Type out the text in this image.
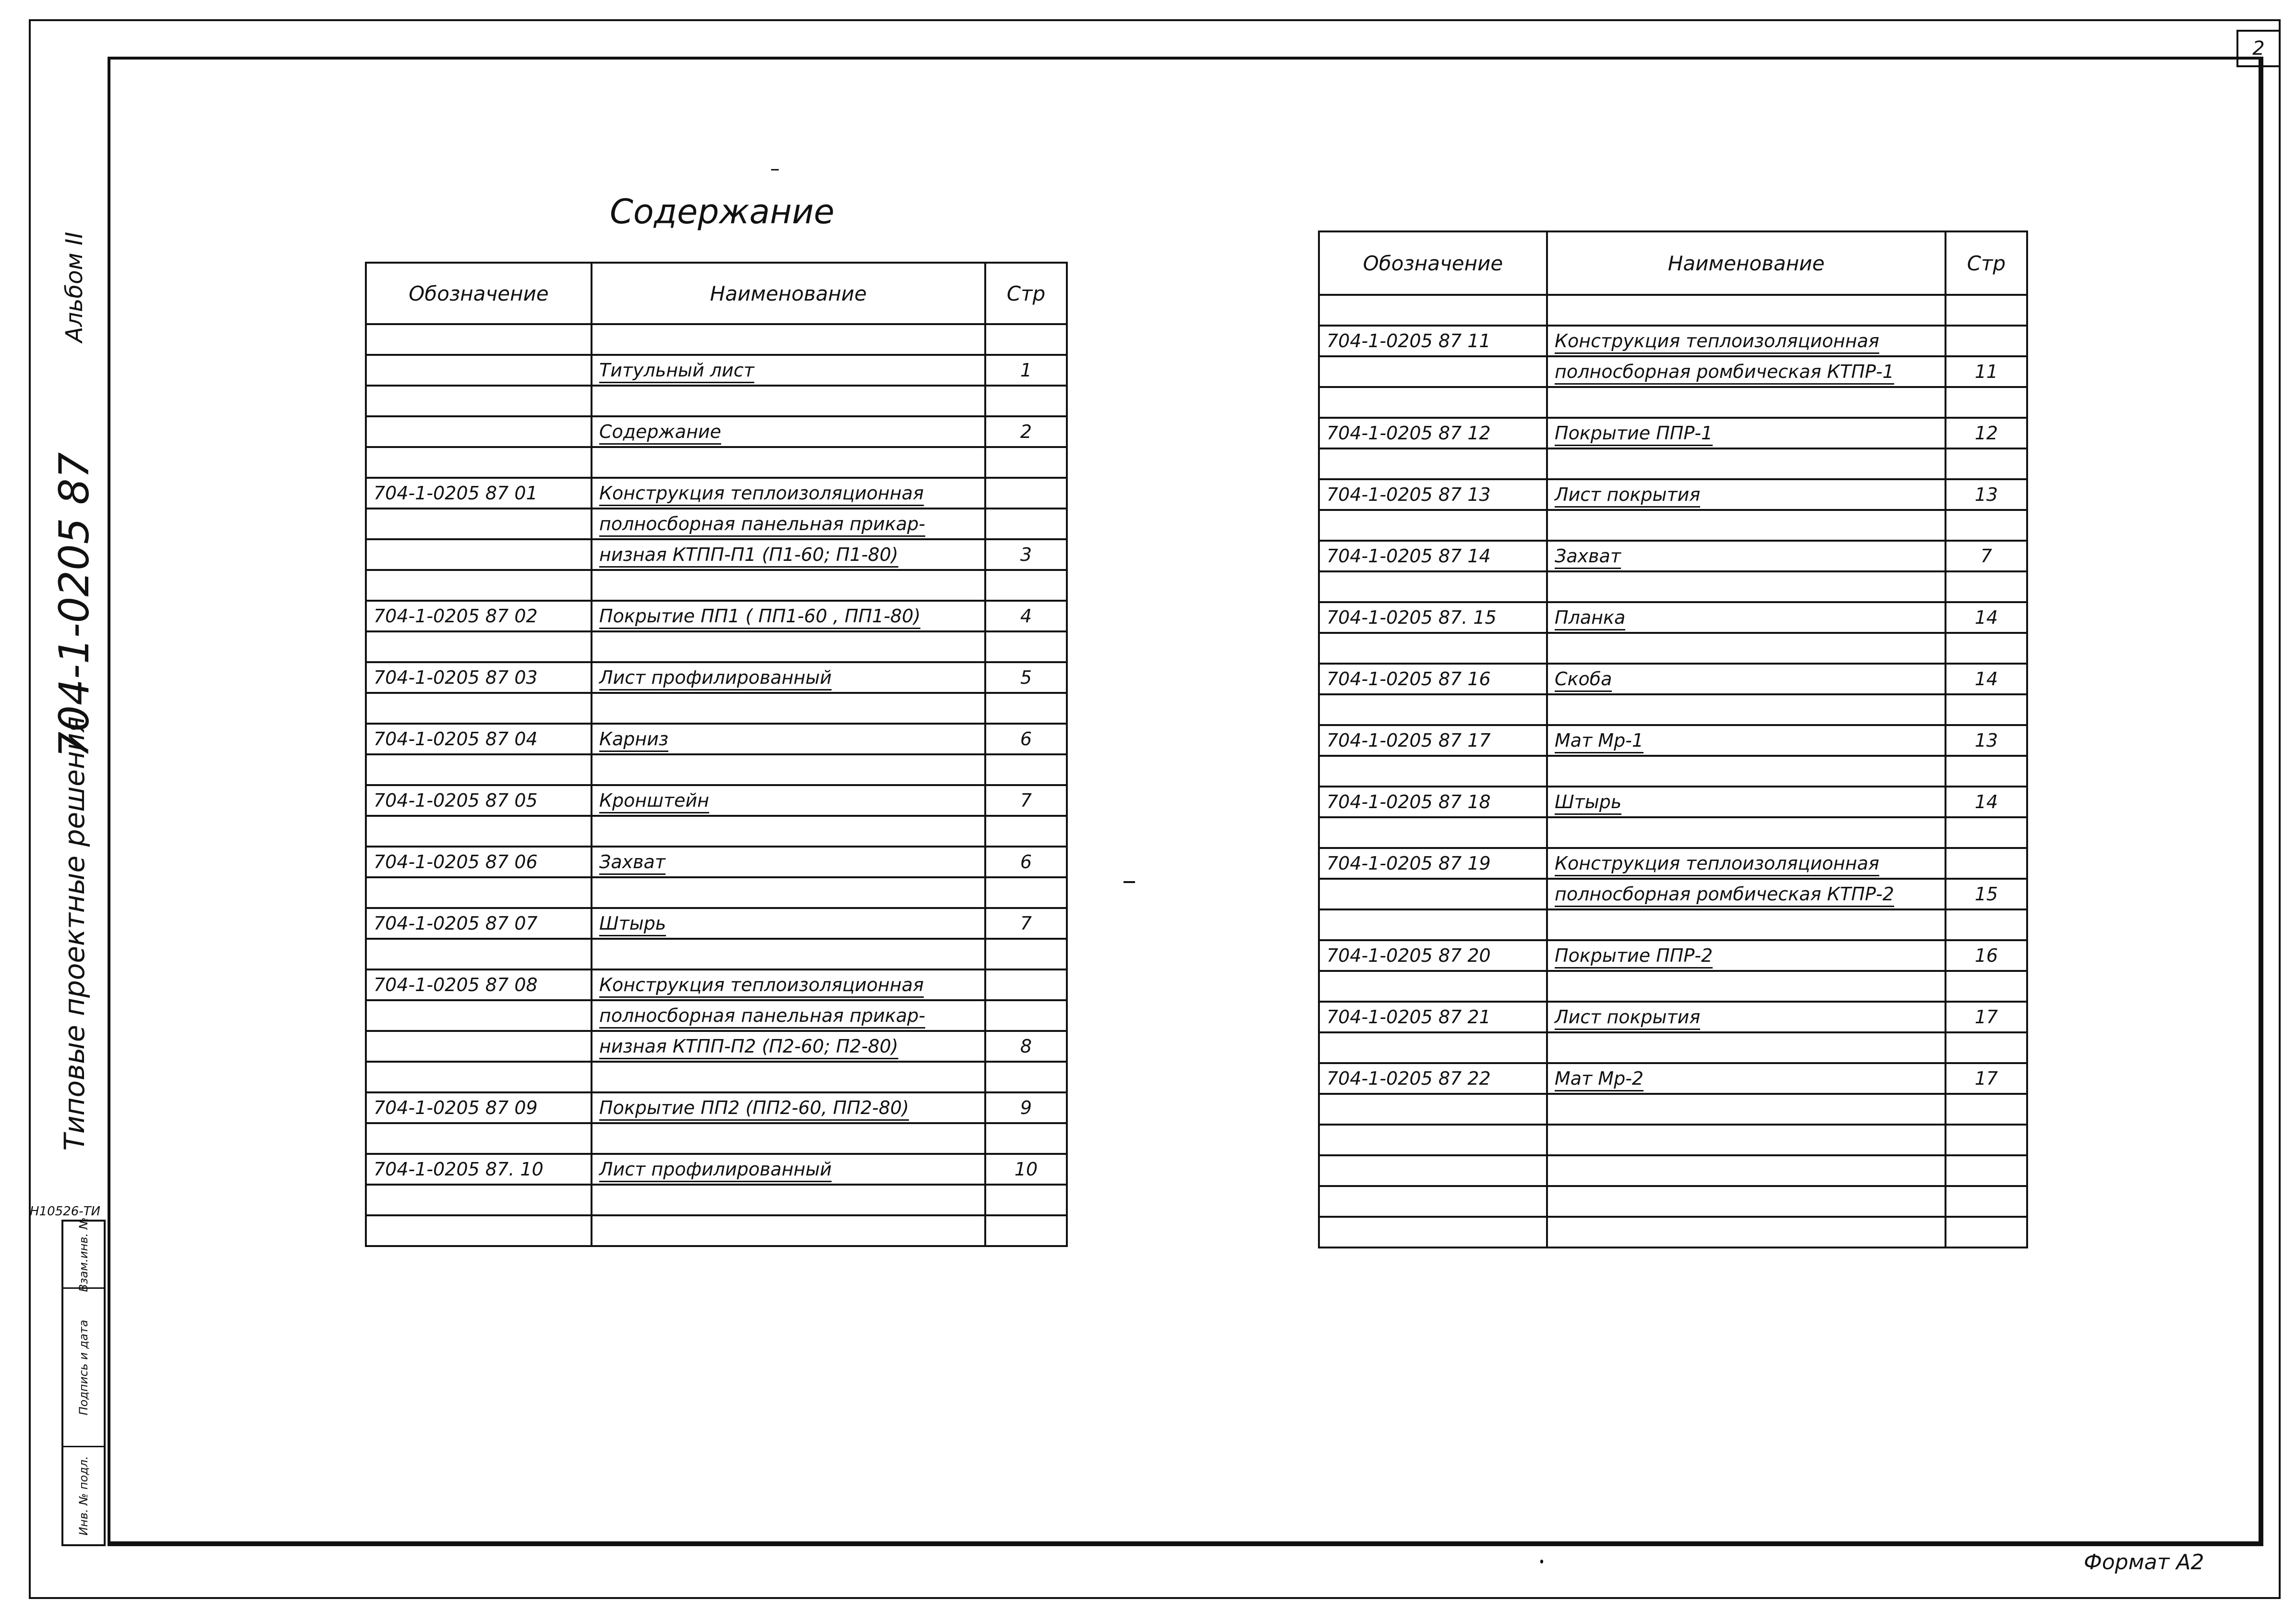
2
Альбом II
704-1-0205 87
Типовые проектные решения
Н10526-ТИ
Взам.инв. №
Подпись и дата
Инв. № подл.
Содержание
Обозначение	Наименование	Стр

	Титульный лист	1

	Содержание	2

704-1-0205 87 01	Конструкция теплоизоляционная	
	полносборная панельная прикар-	
	низная КТПП-П1 (П1-60; П1-80)	3

704-1-0205 87 02	Покрытие ПП1 ( ПП1-60 , ПП1-80)	4

704-1-0205 87 03	Лист профилированный	5

704-1-0205 87 04	Карниз	6

704-1-0205 87 05	Кронштейн	7

704-1-0205 87 06	Захват	6

704-1-0205 87 07	Штырь	7

704-1-0205 87 08	Конструкция теплоизоляционная	
	полносборная панельная прикар-	
	низная КТПП-П2 (П2-60; П2-80)	8

704-1-0205 87 09	Покрытие ПП2 (ПП2-60, ПП2-80)	9

704-1-0205 87. 10	Лист профилированный	10

Обозначение	Наименование	Стр

704-1-0205 87 11	Конструкция теплоизоляционная	
	полносборная ромбическая КТПР-1	11

704-1-0205 87 12	Покрытие ППР-1	12

704-1-0205 87 13	Лист покрытия	13

704-1-0205 87 14	Захват	7

704-1-0205 87. 15	Планка	14

704-1-0205 87 16	Скоба	14

704-1-0205 87 17	Мат Мр-1	13

704-1-0205 87 18	Штырь	14

704-1-0205 87 19	Конструкция теплоизоляционная	
	полносборная ромбическая КТПР-2	15

704-1-0205 87 20	Покрытие ППР-2	16

704-1-0205 87 21	Лист покрытия	17

704-1-0205 87 22	Мат Мр-2	17

Формат А2
